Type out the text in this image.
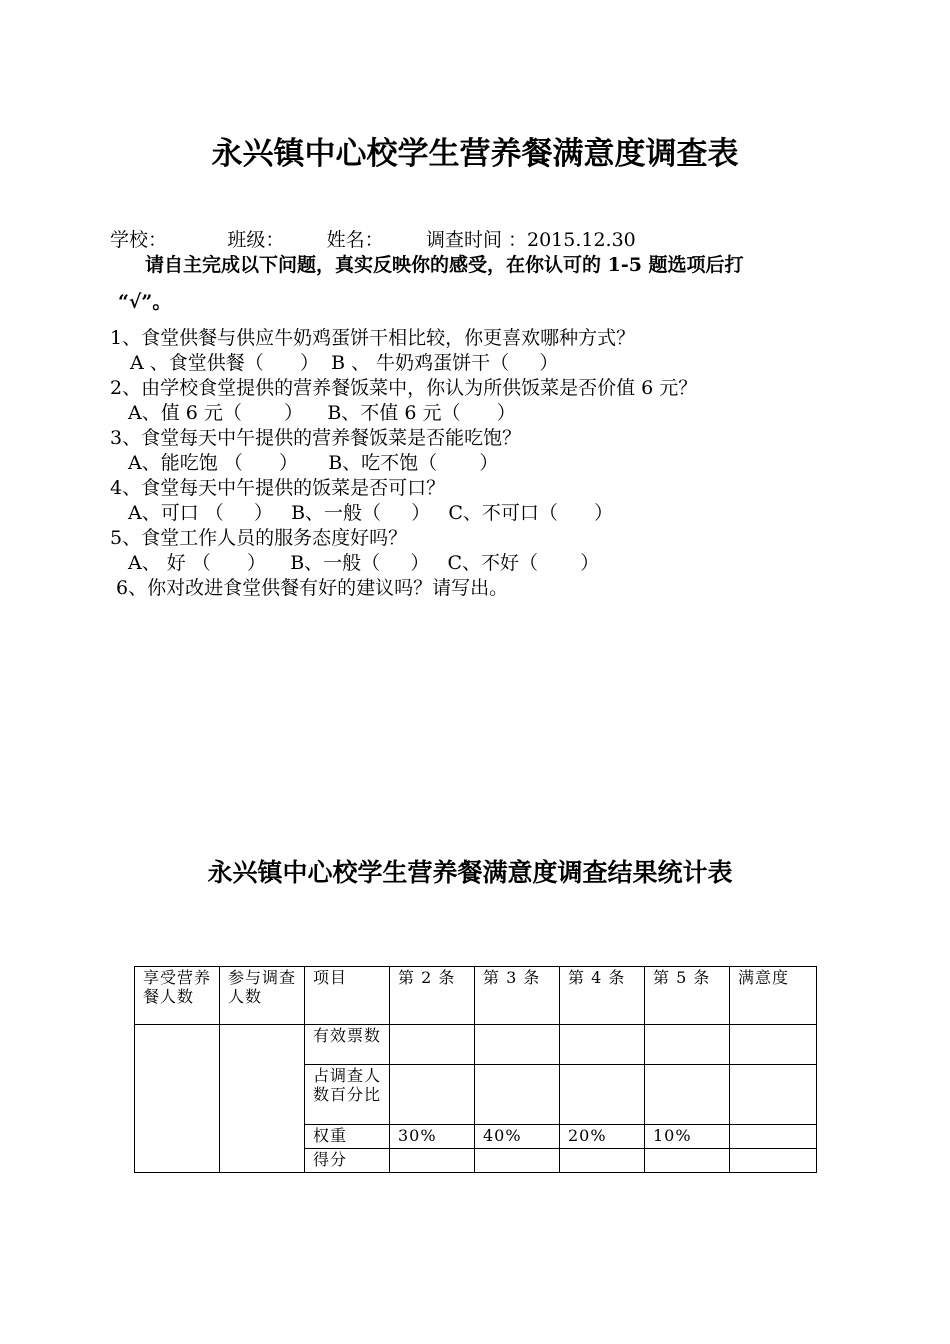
永兴镇中心校学生营养餐满意度调查表
学校：          班级：       姓名：       调查时间 ：2015.12.30
请自主完成以下问题，真实反映你的感受，在你认可的 1-5 题选项后打
“√”。
1、食堂供餐与供应牛奶鸡蛋饼干相比较，你更喜欢哪种方式？
A 、食堂供餐（      ）  B 、 牛奶鸡蛋饼干（     ）
2、由学校食堂提供的营养餐饭菜中，你认为所供饭菜是否价值 6 元？
A、值 6 元（       ）    B、不值 6 元（      ）
3、食堂每天中午提供的营养餐饭菜是否能吃饱？
A、能吃饱 （      ）     B、吃不饱（       ）
4、食堂每天中午提供的饭菜是否可口？
A、可口 （     ）   B、一般（     ）   C、不可口（      ）
5、食堂工作人员的服务态度好吗？
A、 好 （      ）    B、一般（     ）   C、不好（       ）
6、你对改进食堂供餐有好的建议吗？请写出。
永兴镇中心校学生营养餐满意度调查结果统计表
享受营养餐人数	参与调查人数	项目	第 2 条	第 3 条	第 4 条	第 5 条	满意度
		有效票数					
		占调查人数百分比					
		权重	30%	40%	20%	10%	
		得分					
